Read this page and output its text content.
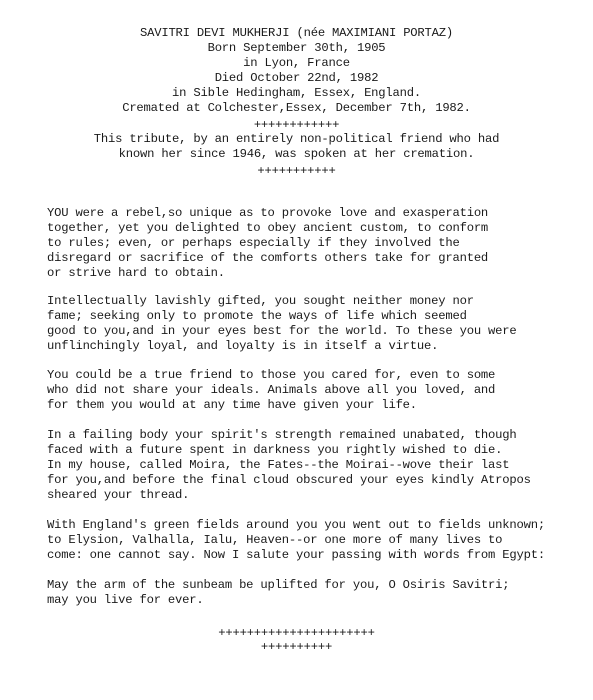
SAVITRI DEVI MUKHERJI (née MAXIMIANI PORTAZ)
Born September 30th, 1905
in Lyon, France
Died October 22nd, 1982
in Sible Hedingham, Essex, England.
Cremated at Colchester,Essex, December 7th, 1982.
++++++++++++
This tribute, by an entirely non-political friend who had
known her since 1946, was spoken at her cremation.
+++++++++++
YOU were a rebel,so unique as to provoke love and exasperation
together, yet you delighted to obey ancient custom, to conform
to rules; even, or perhaps especially if they involved the
disregard or sacrifice of the comforts others take for granted
or strive hard to obtain.
Intellectually lavishly gifted, you sought neither money nor
fame; seeking only to promote the ways of life which seemed
good to you,and in your eyes best for the world. To these you were
unflinchingly loyal, and loyalty is in itself a virtue.
You could be a true friend to those you cared for, even to some
who did not share your ideals. Animals above all you loved, and
for them you would at any time have given your life.
In a failing body your spirit's strength remained unabated, though
faced with a future spent in darkness you rightly wished to die.
In my house, called Moira, the Fates--the Moirai--wove their last
for you,and before the final cloud obscured your eyes kindly Atropos
sheared your thread.
With England's green fields around you you went out to fields unknown;
to Elysion, Valhalla, Ialu, Heaven--or one more of many lives to
come: one cannot say. Now I salute your passing with words from Egypt:
May the arm of the sunbeam be uplifted for you, O Osiris Savitri;
may you live for ever.
++++++++++++++++++++++
++++++++++
